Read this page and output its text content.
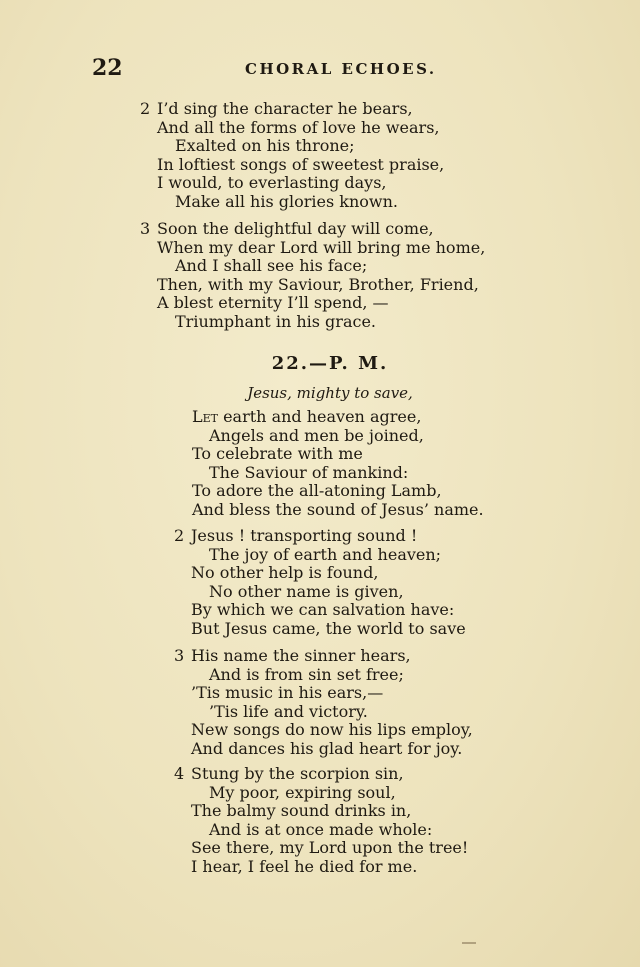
22	CHORAL ECHOES.
2 I’d sing the character he bears,
And all the forms of love he wears,
Exalted on his throne;
In loftiest songs of sweetest praise,
I would, to everlasting days,
Make all his glories known.
3 Soon the delightful day will come,
When my dear Lord will bring me home,
And I shall see his face;
Then, with my Saviour, Brother, Friend,
A blest eternity I’ll spend, —
Triumphant in his grace.
22.—P. M.
Jesus, mighty to save,
Let earth and heaven agree,
Angels and men be joined,
To celebrate with me
The Saviour of mankind:
To adore the all-atoning Lamb,
And bless the sound of Jesus’ name.
2 Jesus ! transporting sound !
The joy of earth and heaven;
No other help is found,
No other name is given,
By which we can salvation have:
But Jesus came, the world to save
3 His name the sinner hears,
And is from sin set free;
’Tis music in his ears,—
’Tis life and victory.
New songs do now his lips employ,
And dances his glad heart for joy.
4 Stung by the scorpion sin,
My poor, expiring soul,
The balmy sound drinks in,
And is at once made whole:
See there, my Lord upon the tree!
I hear, I feel he died for me.
